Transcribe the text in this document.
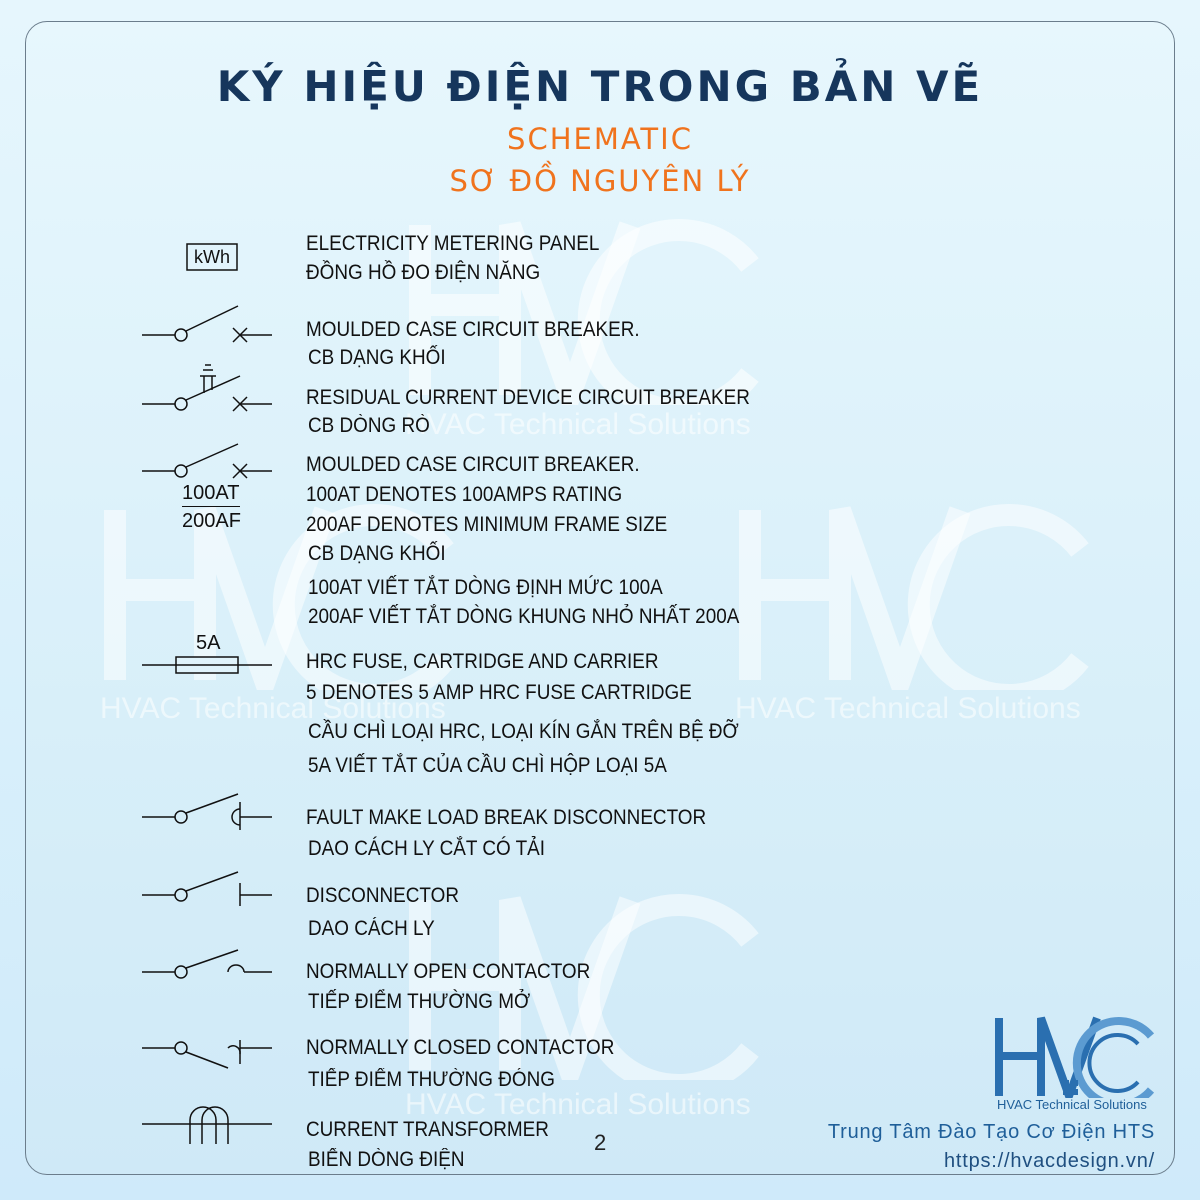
HVAC Technical Solutions
HVAC Technical Solutions	HVAC Technical Solutions
HVAC Technical Solutions
KÝ HIỆU ĐIỆN TRONG BẢN VẼ
SCHEMATIC
SƠ ĐỒ NGUYÊN LÝ
kWh
100AT
200AF
5A
ELECTRICITY METERING PANEL
ĐỒNG HỒ ĐO ĐIỆN NĂNG
MOULDED CASE CIRCUIT BREAKER.
CB DẠNG KHỐI
RESIDUAL CURRENT DEVICE CIRCUIT BREAKER
CB DÒNG RÒ
MOULDED CASE CIRCUIT BREAKER.
100AT DENOTES 100AMPS RATING
200AF DENOTES MINIMUM FRAME SIZE
CB DẠNG KHỐI
100AT VIẾT TẮT DÒNG ĐỊNH MỨC 100A
200AF VIẾT TẮT DÒNG KHUNG NHỎ NHẤT 200A
HRC FUSE, CARTRIDGE AND CARRIER
5 DENOTES 5 AMP HRC FUSE CARTRIDGE
CẦU CHÌ LOẠI HRC, LOẠI KÍN GẮN TRÊN BỆ ĐỠ
5A VIẾT TẮT CỦA CẦU CHÌ HỘP LOẠI 5A
FAULT MAKE LOAD BREAK DISCONNECTOR
DAO CÁCH LY CẮT CÓ TẢI
DISCONNECTOR
DAO CÁCH LY
NORMALLY OPEN CONTACTOR
TIẾP ĐIỂM THƯỜNG MỞ
NORMALLY CLOSED CONTACTOR
TIẾP ĐIỂM THƯỜNG ĐÓNG
CURRENT TRANSFORMER
BIẾN DÒNG ĐIỆN
2
HVAC Technical Solutions
Trung Tâm Đào Tạo Cơ Điện HTS
https://hvacdesign.vn/
